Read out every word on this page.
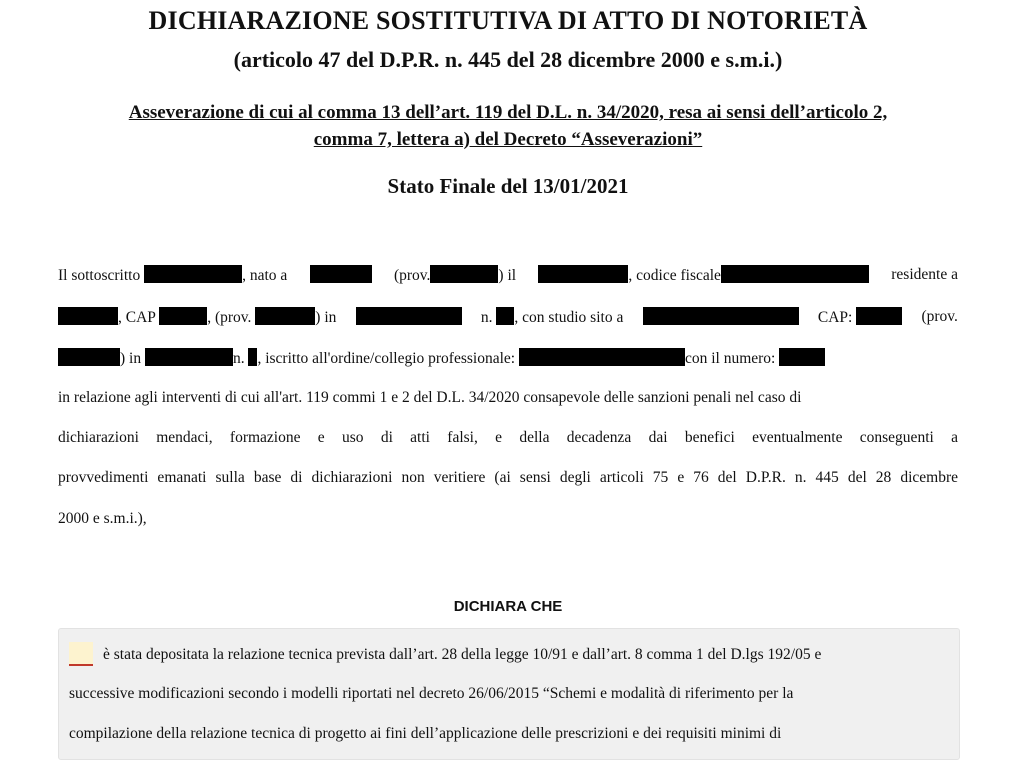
DICHIARAZIONE SOSTITUTIVA DI ATTO DI NOTORIETÀ
(articolo 47 del D.P.R. n. 445 del 28 dicembre 2000 e s.m.i.)
Asseverazione di cui al comma 13 dell’art. 119 del D.L. n. 34/2020, resa ai sensi dell’articolo 2,
comma 7, lettera a) del Decreto “Asseverazioni”
Stato Finale del 13/01/2021
Il sottoscritto	, nato a	(prov.	) il	, codice fiscale	residente a
, CAP	, (prov.	) in	n. , con studio sito a	CAP:	(prov.
) in	n. , iscritto all'ordine/collegio professionale:	con il numero:
in relazione agli interventi di cui all'art. 119 commi 1 e 2 del D.L. 34/2020 consapevole delle sanzioni penali nel caso di
dichiarazioni mendaci, formazione e uso di atti falsi, e della decadenza dai benefici eventualmente conseguenti a
provvedimenti emanati sulla base di dichiarazioni non veritiere (ai sensi degli articoli 75 e 76 del D.P.R. n. 445 del 28 dicembre
2000 e s.m.i.),
DICHIARA CHE
è stata depositata la relazione tecnica prevista dall’art. 28 della legge 10/91 e dall’art. 8 comma 1 del D.lgs 192/05 e
successive modificazioni secondo i modelli riportati nel decreto 26/06/2015 “Schemi e modalità di riferimento per la
compilazione della relazione tecnica di progetto ai fini dell’applicazione delle prescrizioni e dei requisiti minimi di
